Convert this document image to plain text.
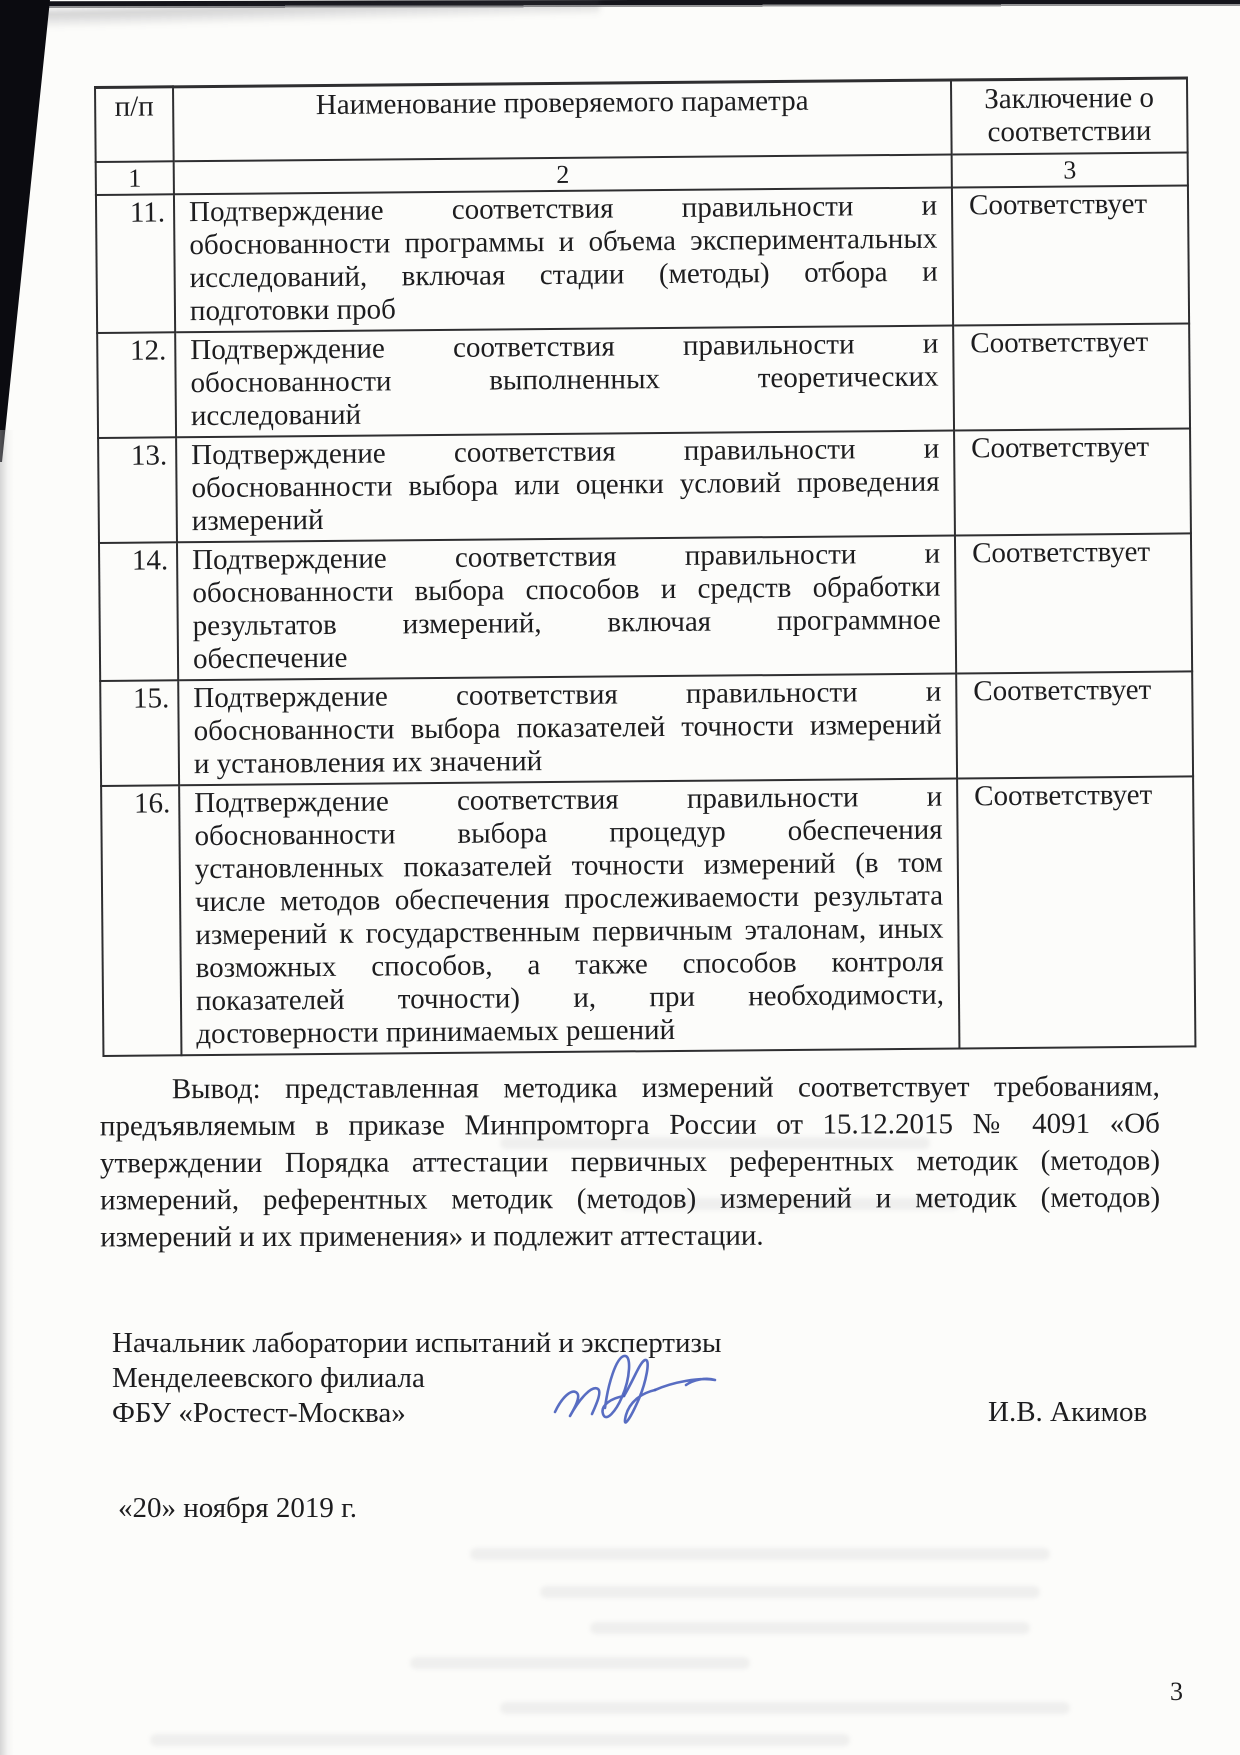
п/п	Наименование проверяемого параметра	Заключение о соответствии
1	2	3
11.	Подтверждение соответствия правильности и
обоснованности программы и объема экспериментальных
исследований, включая стадии (методы) отбора и
подготовки проб	Соответствует
12.	Подтверждение соответствия правильности и
обоснованности выполненных теоретических
исследований	Соответствует
13.	Подтверждение соответствия правильности и
обоснованности выбора или оценки условий проведения
измерений	Соответствует
14.	Подтверждение соответствия правильности и
обоснованности выбора способов и средств обработки
результатов измерений, включая программное
обеспечение	Соответствует
15.	Подтверждение соответствия правильности и
обоснованности выбора показателей точности измерений
и установления их значений	Соответствует
16.	Подтверждение соответствия правильности и
обоснованности выбора процедур обеспечения
установленных показателей точности измерений (в том
числе методов обеспечения прослеживаемости результата
измерений к государственным первичным эталонам, иных
возможных способов, а также способов контроля
показателей точности) и, при необходимости,
достоверности принимаемых решений
	Соответствует
Вывод: представленная методика измерений соответствует требованиям,
предъявляемым в приказе Минпромторга России от 15.12.2015 № 4091 «Об
утверждении Порядка аттестации первичных референтных методик (методов)
измерений, референтных методик (методов) измерений и методик (методов)
измерений и их применения» и подлежит аттестации.
Начальник лаборатории испытаний и экспертизы
Менделеевского филиала
ФБУ «Ростест-Москва»	И.В. Акимов
«20» ноября 2019 г.
3
